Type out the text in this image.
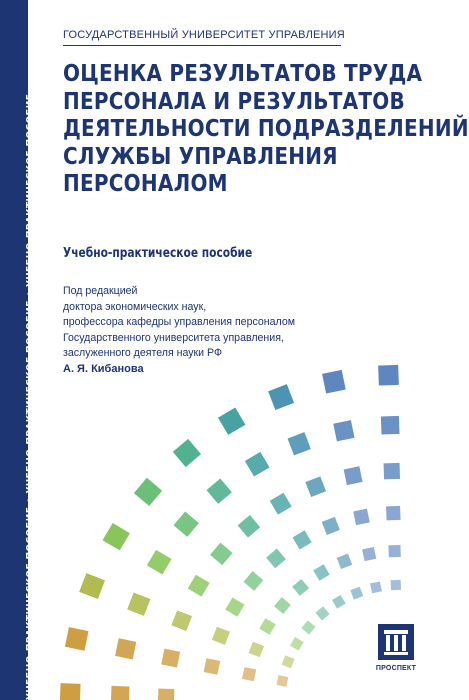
УЧЕБНО-ПРАКТИЧЕСКОЕ ПОСОБИЕ • УЧЕБНО-ПРАКТИЧЕСКОЕ ПОСОБИЕ • УЧЕБНО-ПРАКТИЧЕСКОЕ ПОСОБИЕ
ГОСУДАРСТВЕННЫЙ УНИВЕРСИТЕТ УПРАВЛЕНИЯ
ОЦЕНКА РЕЗУЛЬТАТОВ ТРУДА
ПЕРСОНАЛА И РЕЗУЛЬТАТОВ
ДЕЯТЕЛЬНОСТИ ПОДРАЗДЕЛЕНИЙ
СЛУЖБЫ УПРАВЛЕНИЯ
ПЕРСОНАЛОМ
Учебно-практическое пособие
Под редакцией
доктора экономических наук,
профессора кафедры управления персоналом
Государственного университета управления,
заслуженного деятеля науки РФ
А. Я. Кибанова
ПРОСПЕКТ
